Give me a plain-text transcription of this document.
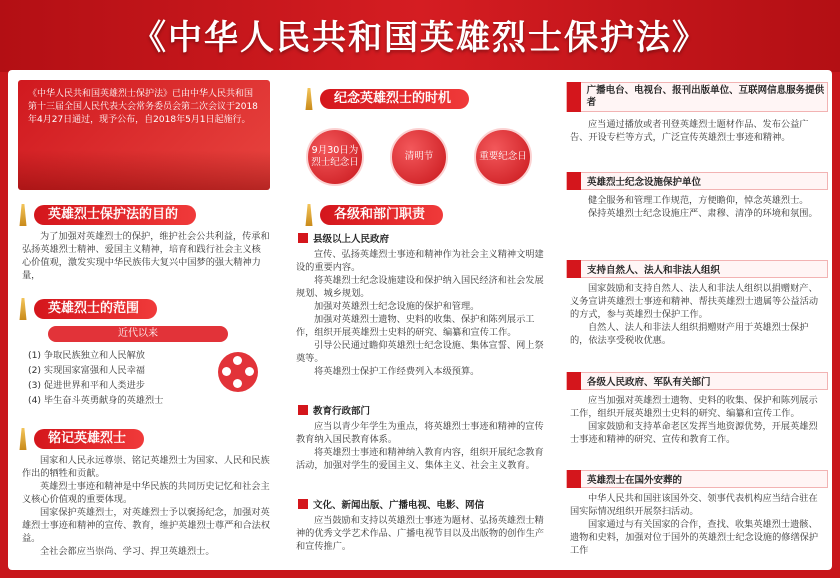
《中华人民共和国英雄烈士保护法》

《中华人民共和国英雄烈士保护法》已由中华人民共和国第十三届全国人民代表大会常务委员会第二次会议于2018年4月27日通过，现予公布，自2018年5月1日起施行。

英雄烈士保护法的目的

为了加强对英雄烈士的保护，维护社会公共利益，传承和弘扬英雄烈士精神、爱国主义精神，培育和践行社会主义核心价值观，激发实现中华民族伟大复兴中国梦的强大精神力量，

英雄烈士的范围
近代以来
(1) 争取民族独立和人民解放
(2) 实现国家富强和人民幸福
(3) 促进世界和平和人类进步
(4) 毕生奋斗英勇献身的英雄烈士
铭记英雄烈士

国家和人民永远尊崇、铭记英雄烈士为国家、人民和民族作出的牺牲和贡献。

英雄烈士事迹和精神是中华民族的共同历史记忆和社会主义核心价值观的重要体现。

国家保护英雄烈士，对英雄烈士予以褒扬纪念，加强对英雄烈士事迹和精神的宣传、教育，维护英雄烈士尊严和合法权益。

全社会都应当崇尚、学习、捍卫英雄烈士。

纪念英雄烈士的时机
9月30日为烈士纪念日
清明节	重要纪念日
各级和部门职责
县级以上人民政府

宣传、弘扬英雄烈士事迹和精神作为社会主义精神文明建设的重要内容。

将英雄烈士纪念设施建设和保护纳入国民经济和社会发展规划、城乡规划。

加强对英雄烈士纪念设施的保护和管理。

加强对英雄烈士遗物、史料的收集、保护和陈列展示工作，组织开展英雄烈士史料的研究、编纂和宣传工作。

引导公民通过瞻仰英雄烈士纪念设施、集体宣誓、网上祭奠等。

将英雄烈士保护工作经费列入本级预算。

教育行政部门

应当以青少年学生为重点，将英雄烈士事迹和精神的宣传教育纳入国民教育体系。

将英雄烈士事迹和精神纳入教育内容，组织开展纪念教育活动，加强对学生的爱国主义、集体主义、社会主义教育。

文化、新闻出版、广播电视、电影、网信

应当鼓励和支持以英雄烈士事迹为题材、弘扬英雄烈士精神的优秀文学艺术作品、广播电视节目以及出版物的创作生产和宣传推广。

广播电台、电视台、报刊出版单位、互联网信息服务提供者

应当通过播放或者刊登英雄烈士题材作品、发布公益广告、开设专栏等方式，广泛宣传英雄烈士事迹和精神。

英雄烈士纪念设施保护单位

健全服务和管理工作规范，方便瞻仰，悼念英雄烈士。

保持英雄烈士纪念设施庄严、肃穆、清净的环境和氛围。

支持自然人、法人和非法人组织

国家鼓励和支持自然人、法人和非法人组织以捐赠财产、义务宣讲英雄烈士事迹和精神、帮扶英雄烈士遗属等公益活动的方式，参与英雄烈士保护工作。

自然人、法人和非法人组织捐赠财产用于英雄烈士保护的，依法享受税收优惠。

各级人民政府、军队有关部门

应当加强对英雄烈士遗物、史料的收集、保护和陈列展示工作，组织开展英雄烈士史料的研究、编纂和宣传工作。

国家鼓励和支持革命老区发挥当地资源优势，开展英雄烈士事迹和精神的研究、宣传和教育工作。

英雄烈士在国外安葬的

中华人民共和国驻该国外交、领事代表机构应当结合驻在国实际情况组织开展祭扫活动。

国家通过与有关国家的合作，查找、收集英雄烈士遗骸、遗物和史料，加强对位于国外的英雄烈士纪念设施的修缮保护工作
